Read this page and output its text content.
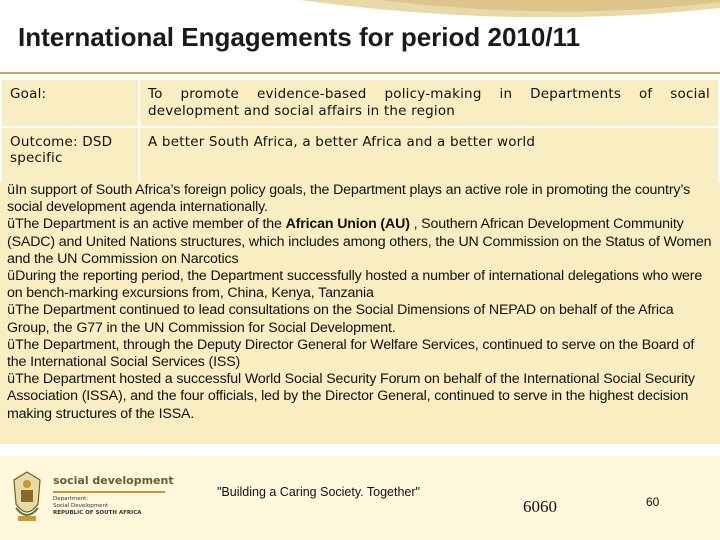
International Engagements for period 2010/11
Goal:	To promote evidence-based policy-making in Departments of social development and social affairs in the region
Outcome: DSD specific	A better South Africa, a better Africa and a better world

üIn support of South Africa’s foreign policy goals, the Department plays an active role in promoting the country’s social development agenda internationally.

üThe Department is an active member of the African Union (AU) , Southern African Development Community (SADC) and United Nations structures, which includes among others, the UN Commission on the Status of Women and the UN Commission on Narcotics

üDuring the reporting period, the Department successfully hosted a number of international delegations who were on bench-marking excursions from, China, Kenya, Tanzania

üThe Department continued to lead consultations on the Social Dimensions of NEPAD on behalf of the Africa Group, the G77 in the UN Commission for Social Development.

üThe Department, through the Deputy Director General for Welfare Services, continued to serve on the Board of the International Social Services (ISS)

üThe Department hosted a successful World Social Security Forum on behalf of the International Social Security Association (ISSA), and the four officials, led by the Director General, continued to serve in the highest decision making structures of the ISSA.

social development
Department:
Social Development
REPUBLIC OF SOUTH AFRICA
"Building a Caring Society. Together"
6060	60
